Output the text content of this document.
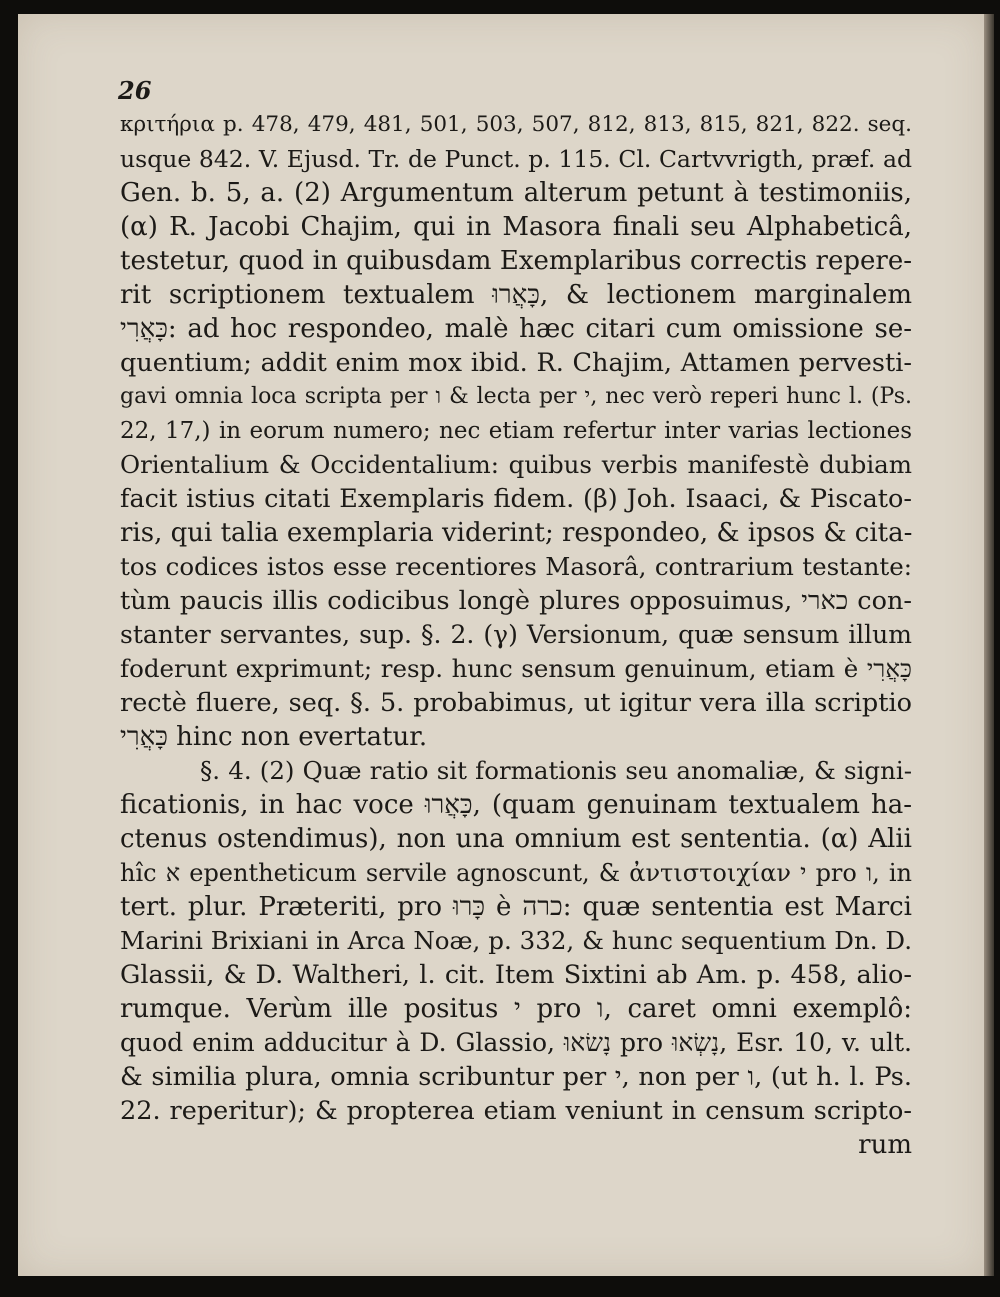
26
κριτήρια p. 478, 479, 481, 501, 503, 507, 812, 813, 815, 821, 822. seq.
usque 842. V. Ejusd. Tr. de Punct. p. 115. Cl. Cartvvrigth, præf. ad
Gen. b. 5, a. (2) Argumentum alterum petunt à testimoniis,
(α) R. Jacobi Chajim, qui in Masora finali seu Alphabeticâ,
testetur, quod in quibusdam Exemplaribus correctis repere-
rit scriptionem textualem כָּאֲרוּ, & lectionem marginalem
כָּאֲרִי: ad hoc respondeo, malè hæc citari cum omissione se-
quentium; addit enim mox ibid. R. Chajim, Attamen pervesti-
gavi omnia loca scripta per ו & lecta per י, nec verò reperi hunc l. (Ps.
22, 17,) in eorum numero; nec etiam refertur inter varias lectiones
Orientalium & Occidentalium: quibus verbis manifestè dubiam
facit istius citati Exemplaris fidem. (β) Joh. Isaaci, & Piscato-
ris, qui talia exemplaria viderint; respondeo, & ipsos & cita-
tos codices istos esse recentiores Masorâ, contrarium testante:
tùm paucis illis codicibus longè plures opposuimus, כארי con-
stanter servantes, sup. §. 2. (γ) Versionum, quæ sensum illum
foderunt exprimunt; resp. hunc sensum genuinum, etiam è כָּאֲרִי
rectè fluere, seq. §. 5. probabimus, ut igitur vera illa scriptio
כָּאֲרִי hinc non evertatur.
§. 4. (2) Quæ ratio sit formationis seu anomaliæ, & signi-
ficationis, in hac voce כָּאֲרוּ, (quam genuinam textualem ha-
ctenus ostendimus), non una omnium est sententia. (α) Alii
hîc א epentheticum servile agnoscunt, & ἀντιστοιχίαν י pro ו, in
tert. plur. Præteriti, pro כָּרוּ è כרה: quæ sententia est Marci
Marini Brixiani in Arca Noæ, p. 332, & hunc sequentium Dn. D.
Glassii, & D. Waltheri, l. cit. Item Sixtini ab Am. p. 458, alio-
rumque. Verùm ille positus י pro ו, caret omni exemplô:
quod enim adducitur à D. Glassio, נָשׂאוּ pro נָשְׂאוּ, Esr. 10, v. ult.
& similia plura, omnia scribuntur per י, non per ו, (ut h. l. Ps.
22. reperitur); & propterea etiam veniunt in censum scripto-
rum
